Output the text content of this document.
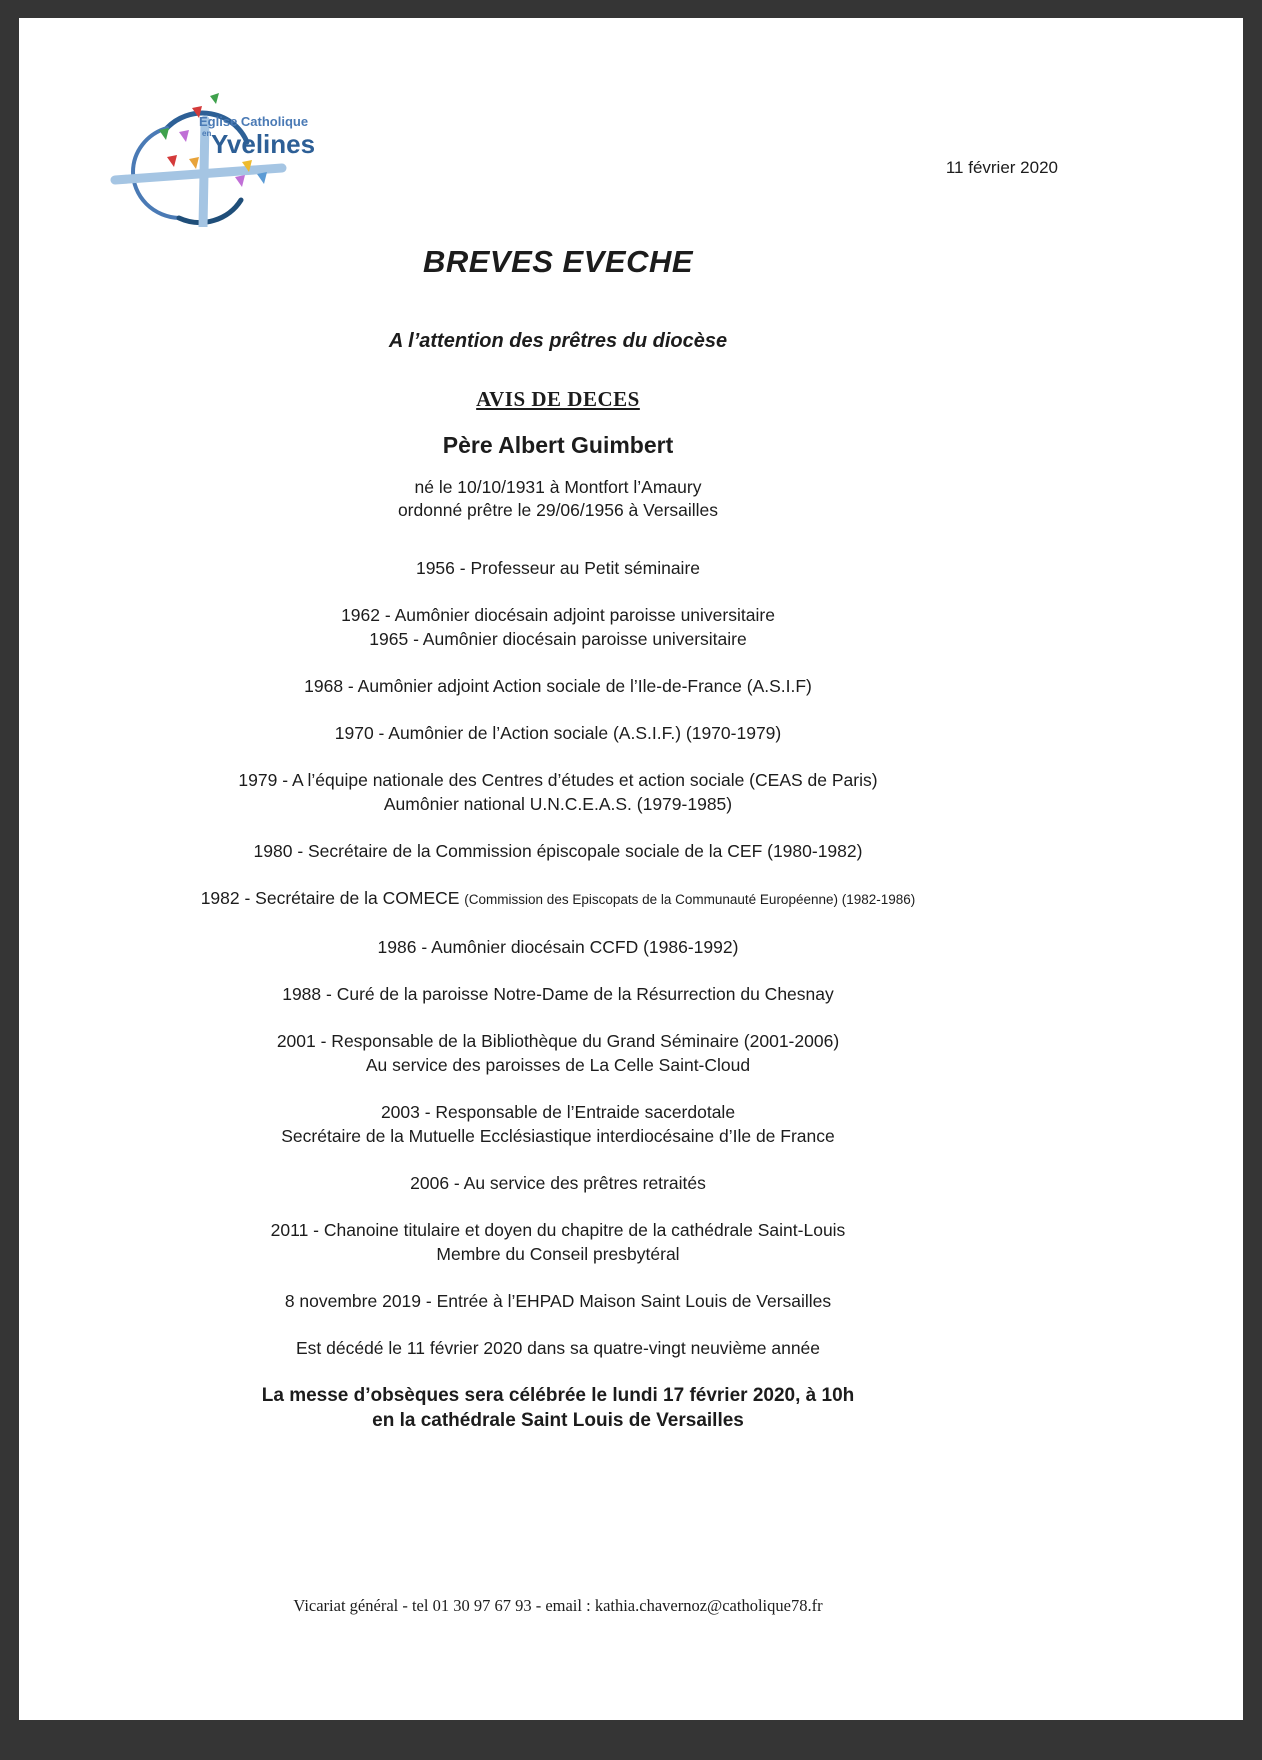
Eglise Catholique
en Yvelines
11 février 2020

BREVES EVECHE

A l’attention des prêtres du diocèse

AVIS DE DECES

Père Albert Guimbert

né le 10/10/1931 à Montfort l’Amaury
ordonné prêtre le 29/06/1956 à Versailles

1956 - Professeur au Petit séminaire

1962 - Aumônier diocésain adjoint paroisse universitaire
1965 - Aumônier diocésain paroisse universitaire

1968 - Aumônier adjoint Action sociale de l’Ile-de-France (A.S.I.F)

1970 - Aumônier de l’Action sociale (A.S.I.F.) (1970-1979)

1979 - A l’équipe nationale des Centres d’études et action sociale (CEAS de Paris)
Aumônier national U.N.C.E.A.S. (1979-1985)

1980 - Secrétaire de la Commission épiscopale sociale de la CEF (1980-1982)

1982 - Secrétaire de la COMECE (Commission des Episcopats de la Communauté Européenne) (1982-1986)

1986 - Aumônier diocésain CCFD (1986-1992)

1988 - Curé de la paroisse Notre-Dame de la Résurrection du Chesnay

2001 - Responsable de la Bibliothèque du Grand Séminaire (2001-2006)
Au service des paroisses de La Celle Saint-Cloud

2003 - Responsable de l’Entraide sacerdotale
Secrétaire de la Mutuelle Ecclésiastique interdiocésaine d’Ile de France

2006 - Au service des prêtres retraités

2011 - Chanoine titulaire et doyen du chapitre de la cathédrale Saint-Louis
Membre du Conseil presbytéral

8 novembre 2019 - Entrée à l’EHPAD Maison Saint Louis de Versailles

Est décédé le 11 février 2020 dans sa quatre-vingt neuvième année

La messe d’obsèques sera célébrée le lundi 17 février 2020, à 10h
en la cathédrale Saint Louis de Versailles

Vicariat général - tel 01 30 97 67 93 - email : kathia.chavernoz@catholique78.fr
